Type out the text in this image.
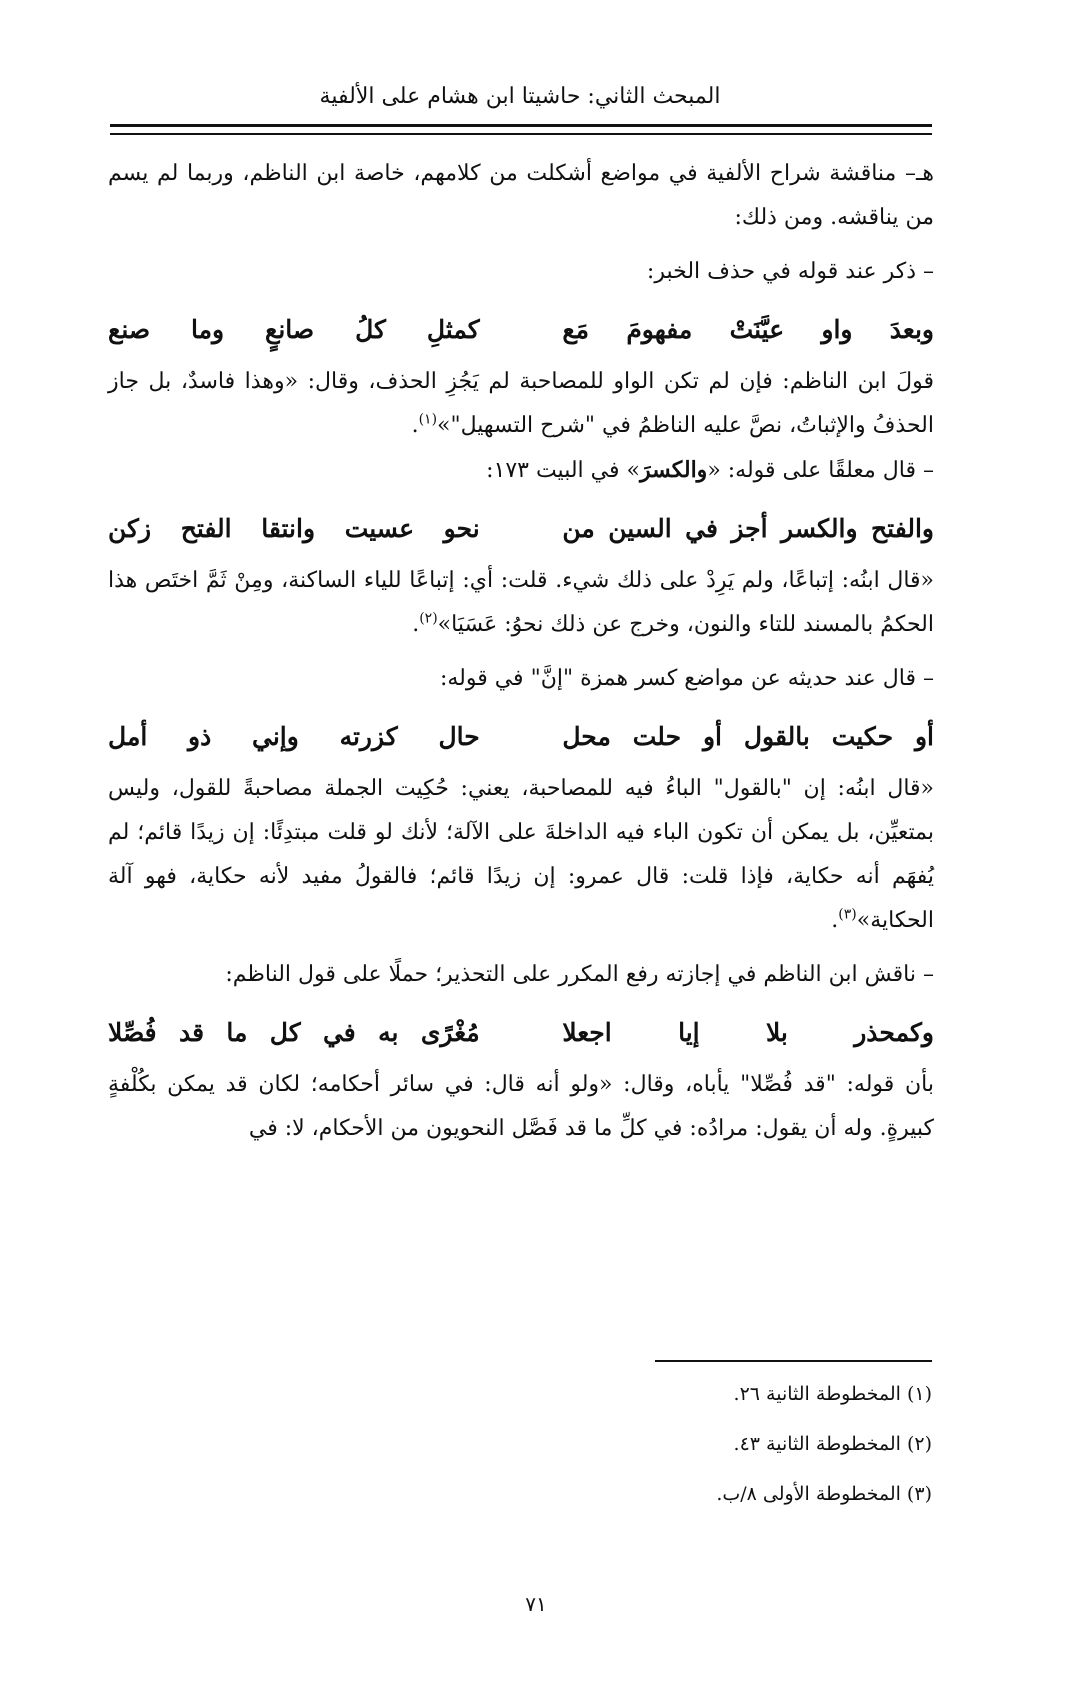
المبحث الثاني: حاشيتا ابن هشام على الألفية

هـ– مناقشة شراح الألفية في مواضع أشكلت من كلامهم، خاصة ابن الناظم، وربما لم يسم من يناقشه. ومن ذلك:

– ذكر عند قوله في حذف الخبر:

وبعدَ
واو
عيَّنَتْ
مفهومَ
مَع
كمثلِ
كلُ
صانعٍ
وما
صنع

قولَ ابن الناظم: فإن لم تكن الواو للمصاحبة لم يَجُزِ الحذف، وقال: «وهذا فاسدٌ، بل جاز الحذفُ والإثباتُ، نصَّ عليه الناظمُ في "شرح التسهيل"»$^{(١)}$.

– قال معلقًا على قوله: «والكسرَ» في البيت ١٧٣:

والفتح
والكسر
أجز
في
السين
من
نحو
عسيت
وانتقا
الفتح
زكن

«قال ابنُه: إتباعًا، ولم يَرِدْ على ذلك شيء. قلت: أي: إتباعًا للياء الساكنة، ومِنْ ثَمَّ اختَص هذا الحكمُ بالمسند للتاء والنون، وخرج عن ذلك نحوُ: عَسَيَا»$^{(٢)}$.

– قال عند حديثه عن مواضع كسر همزة "إنَّ" في قوله:

أو
حكيت
بالقول
أو
حلت
محل
حال
كزرته
وإني
ذو
أمل

«قال ابنُه: إن "بالقول" الباءُ فيه للمصاحبة، يعني: حُكِيت الجملة مصاحبةً للقول، وليس بمتعيِّن، بل يمكن أن تكون الباء فيه الداخلةَ على الآلة؛ لأنك لو قلت مبتدِئًا: إن زيدًا قائم؛ لم يُفهَم أنه حكاية، فإذا قلت: قال عمرو: إن زيدًا قائم؛ فالقولُ مفيد لأنه حكاية، فهو آلة الحكاية»$^{(٣)}$.

– ناقش ابن الناظم في إجازته رفع المكرر على التحذير؛ حملًا على قول الناظم:

وكمحذر
بلا
إيا
اجعلا
مُغْرًى
به
في
كل
ما
قد
فُصِّلا

بأن قوله: "قد فُصِّلا" يأباه، وقال: «ولو أنه قال: في سائر أحكامه؛ لكان قد يمكن بكُلْفةٍ كبيرةٍ. وله أن يقول: مرادُه: في كلِّ ما قد فَصَّل النحويون من الأحكام، لا: في

(١) المخطوطة الثانية ٢٦.

(٢) المخطوطة الثانية ٤٣.

(٣) المخطوطة الأولى ٨/ب.

٧١
